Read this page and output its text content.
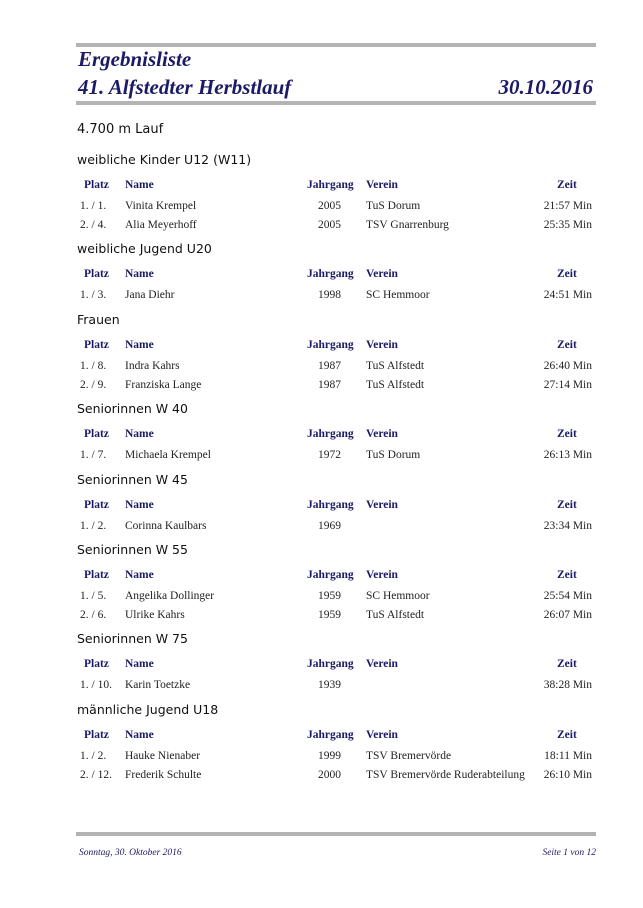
Ergebnisliste
41. Alfstedter Herbstlauf	30.10.2016
4.700 m Lauf
weibliche Kinder U12 (W11)
Platz Name	Jahrgang Verein	Zeit
1. / 1. Vinita Krempel	2005 TuS Dorum	21:57 Min
2. / 4. Alia Meyerhoff	2005 TSV Gnarrenburg	25:35 Min
weibliche Jugend U20
Platz Name	Jahrgang Verein	Zeit
1. / 3. Jana Diehr	1998 SC Hemmoor	24:51 Min
Frauen
Platz Name	Jahrgang Verein	Zeit
1. / 8. Indra Kahrs	1987 TuS Alfstedt	26:40 Min
2. / 9. Franziska Lange	1987 TuS Alfstedt	27:14 Min
Seniorinnen W 40
Platz Name	Jahrgang Verein	Zeit
1. / 7. Michaela Krempel	1972 TuS Dorum	26:13 Min
Seniorinnen W 45
Platz Name	Jahrgang Verein	Zeit
1. / 2. Corinna Kaulbars	1969	23:34 Min
Seniorinnen W 55
Platz Name	Jahrgang Verein	Zeit
1. / 5. Angelika Dollinger	1959 SC Hemmoor	25:54 Min
2. / 6. Ulrike Kahrs	1959 TuS Alfstedt	26:07 Min
Seniorinnen W 75
Platz Name	Jahrgang Verein	Zeit
1. / 10. Karin Toetzke	1939	38:28 Min
männliche Jugend U18
Platz Name	Jahrgang Verein	Zeit
1. / 2. Hauke Nienaber	1999 TSV Bremervörde	18:11 Min
2. / 12. Frederik Schulte	2000 TSV Bremervörde Ruderabteilung 26:10 Min
Sonntag, 30. Oktober 2016	Seite 1 von 12
